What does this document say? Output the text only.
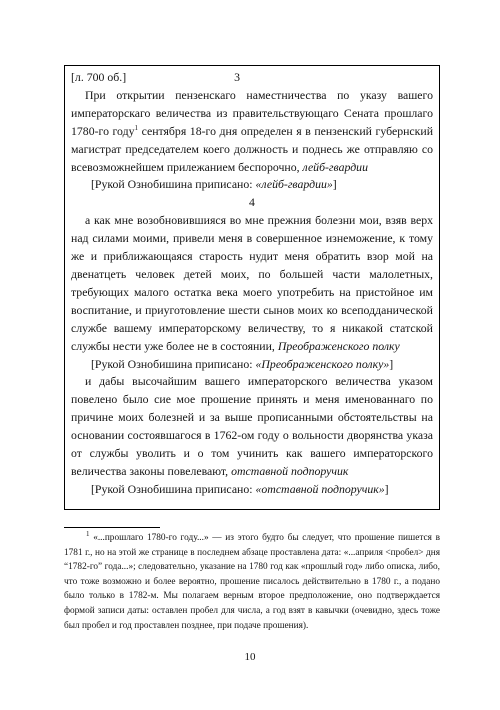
[л. 700 об.]	3

При открытии пензенскаго наместничества по указу вашего императорскаго величества из правительствующаго Сената прошлаго 1780-го году$^1$ сентября 18-го дня определен я в пензенский губернский магистрат председателем коего должность и поднесь же отправляю со всевозможнейшем прилежанием беспорочно, лейб-гвардии

[Рукой Ознобишина приписано: «лейб-гвардии»]

4

а как мне возобновившияся во мне прежния болезни мои, взяв верх над силами моими, привели меня в совершенное изнеможение, к тому же и приближающаяся старость нудит меня обратить взор мой на двенатцеть человек детей моих, по большей части малолетных, требующих малого остатка века моего употребить на пристойное им воспитание, и приуготовление шести сынов моих ко всеподданической службе вашему императорскому величеству, то я никакой статской службы нести уже более не в состоянии, Преображенского полку

[Рукой Ознобишина приписано: «Преображенского полку»]

и дабы высочайшим вашего императорского величества указом повелено было сие мое прошение принять и меня именованнаго по причине моих болезней и за выше прописанными обстоятельствы на основании состоявшагося в 1762-ом году о вольности дворянства указа от службы уволить и о том учинить как вашего императорского величества законы повелевают, отставной подпоручик

[Рукой Ознобишина приписано: «отставной подпоручик»]

$^1$ «...прошлаго 1780-го году...» — из этого будто бы следует, что прошение пишется в 1781 г., но на этой же странице в последнем абзаце проставлена дата: «...априля <пробел> дня “1782-го” года...»; следовательно, указание на 1780 год как «прошлый год» либо описка, либо, что тоже возможно и более вероятно, прошение писалось действительно в 1780 г., а подано было только в 1782-м. Мы полагаем верным второе предположение, оно подтверждается формой записи даты: оставлен пробел для числа, а год взят в кавычки (очевидно, здесь тоже был пробел и год проставлен позднее, при подаче прошения).

10
